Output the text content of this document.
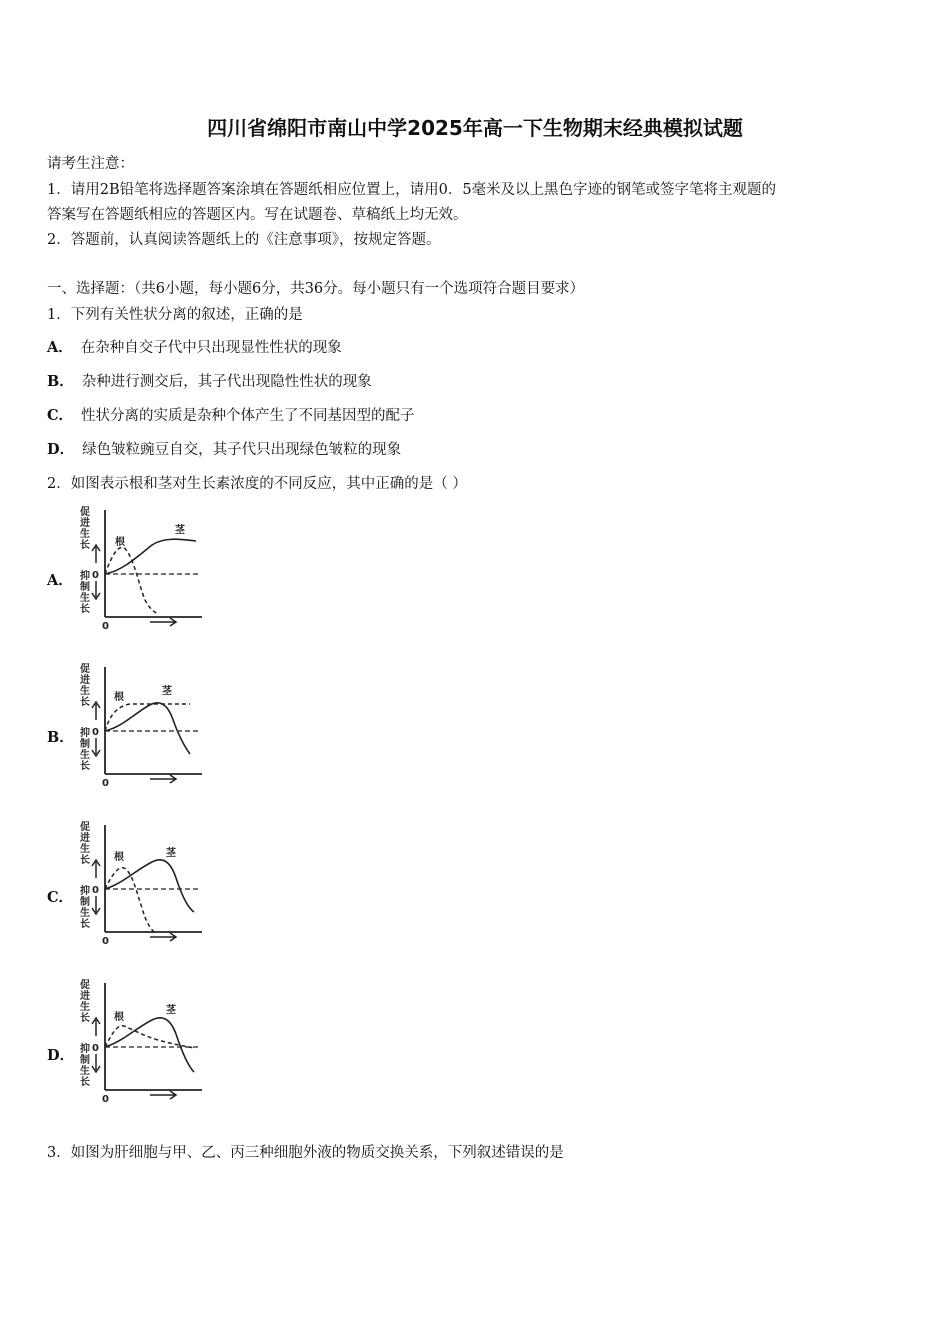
四川省绵阳市南山中学2025年高一下生物期末经典模拟试题
请考生注意：
1．请用2B铅笔将选择题答案涂填在答题纸相应位置上，请用0．5毫米及以上黑色字迹的钢笔或签字笔将主观题的
答案写在答题纸相应的答题区内。写在试题卷、草稿纸上均无效。
2．答题前，认真阅读答题纸上的《注意事项》，按规定答题。
一、选择题：（共6小题，每小题6分，共36分。每小题只有一个选项符合题目要求）
1．下列有关性状分离的叙述，正确的是
A． 在杂种自交子代中只出现显性性状的现象
B． 杂种进行测交后，其子代出现隐性性状的现象
C． 性状分离的实质是杂种个体产生了不同基因型的配子
D． 绿色皱粒豌豆自交，其子代只出现绿色皱粒的现象
2．如图表示根和茎对生长素浓度的不同反应，其中正确的是（ ）
A．
促
进
生
长
抑
制
生
长
0
0
根
茎
B．
促
进
生
长
抑
制
生
长
0
0
根
茎
C．
促
进
生
长
抑
制
生
长
0
0
根	茎
D．
促
进
生
长
抑
制
生
长
0
0
根
茎
3．如图为肝细胞与甲、乙、丙三种细胞外液的物质交换关系，下列叙述错误的是
